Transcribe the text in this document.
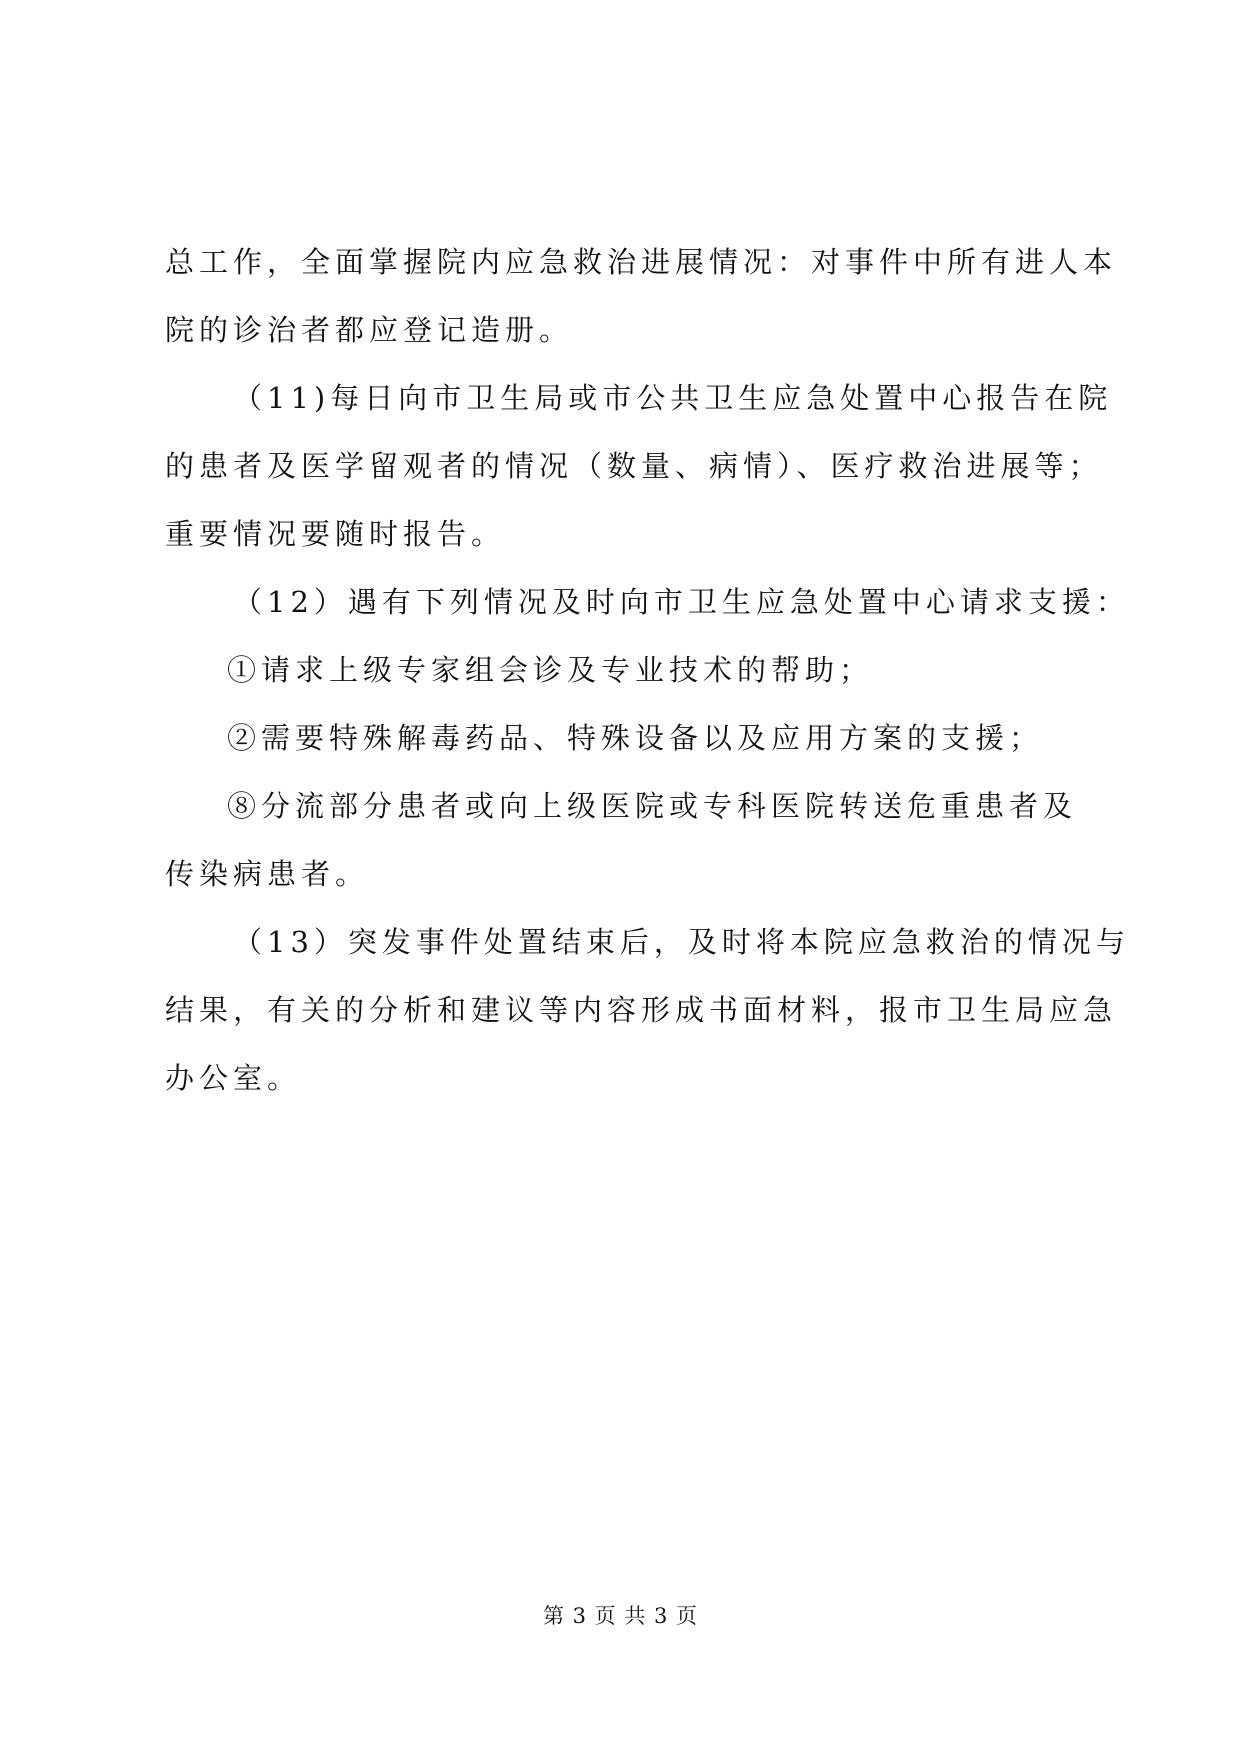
总工作，全面掌握院内应急救治进展情况：对事件中所有进人本
院的诊治者都应登记造册。
（11)每日向市卫生局或市公共卫生应急处置中心报告在院
的患者及医学留观者的情况（数量、病情）、医疗救治进展等；
重要情况要随时报告。
（12）遇有下列情况及时向市卫生应急处置中心请求支援：
①请求上级专家组会诊及专业技术的帮助；
②需要特殊解毒药品、特殊设备以及应用方案的支援；
⑧分流部分患者或向上级医院或专科医院转送危重患者及
传染病患者。
（13）突发事件处置结束后，及时将本院应急救治的情况与
结果，有关的分析和建议等内容形成书面材料，报市卫生局应急
办公室。
第 3 页 共 3 页
